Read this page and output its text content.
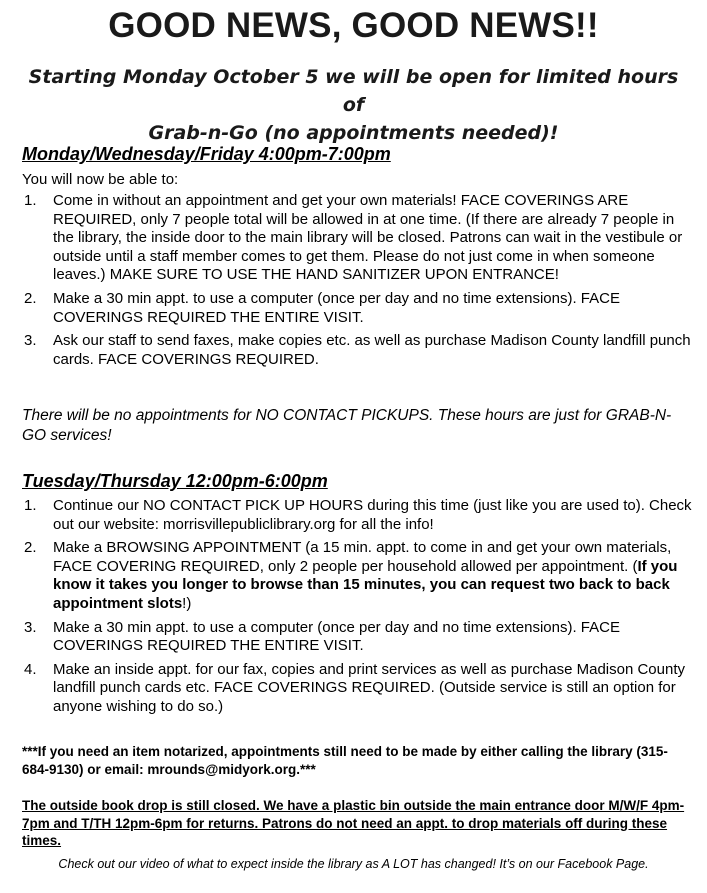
GOOD NEWS, GOOD NEWS!!
Starting Monday October 5 we will be open for limited hours of
Grab-n-Go (no appointments needed)!
Monday/Wednesday/Friday 4:00pm-7:00pm
You will now be able to:
1.	Come in without an appointment and get your own materials! FACE COVERINGS ARE REQUIRED, only 7 people total will be allowed in at one time. (If there are already 7 people in the library, the inside door to the main library will be closed. Patrons can wait in the vestibule or outside until a staff member comes to get them. Please do not just come in when someone leaves.) MAKE SURE TO USE THE HAND SANITIZER UPON ENTRANCE!
2.	Make a 30 min appt. to use a computer (once per day and no time extensions). FACE COVERINGS REQUIRED THE ENTIRE VISIT.
3.	Ask our staff to send faxes, make copies etc. as well as purchase Madison County landfill punch cards. FACE COVERINGS REQUIRED.
There will be no appointments for NO CONTACT PICKUPS. These hours are just for GRAB-N-GO services!
Tuesday/Thursday 12:00pm-6:00pm
1.	Continue our NO CONTACT PICK UP HOURS during this time (just like you are used to). Check out our website: morrisvillepubliclibrary.org for all the info!
2.	Make a BROWSING APPOINTMENT (a 15 min. appt. to come in and get your own materials, FACE COVERING REQUIRED, only 2 people per household allowed per appointment. (If you know it takes you longer to browse than 15 minutes, you can request two back to back appointment slots!)
3.	Make a 30 min appt. to use a computer (once per day and no time extensions). FACE COVERINGS REQUIRED THE ENTIRE VISIT.
4.	Make an inside appt. for our fax, copies and print services as well as purchase Madison County landfill punch cards etc. FACE COVERINGS REQUIRED. (Outside service is still an option for anyone wishing to do so.)
***If you need an item notarized, appointments still need to be made by either calling the library (315-684-9130) or email: mrounds@midyork.org.***
The outside book drop is still closed. We have a plastic bin outside the main entrance door M/W/F 4pm-7pm and T/TH 12pm-6pm for returns. Patrons do not need an appt. to drop materials off during these times.
Check out our video of what to expect inside the library as A LOT has changed! It’s on our Facebook Page.
